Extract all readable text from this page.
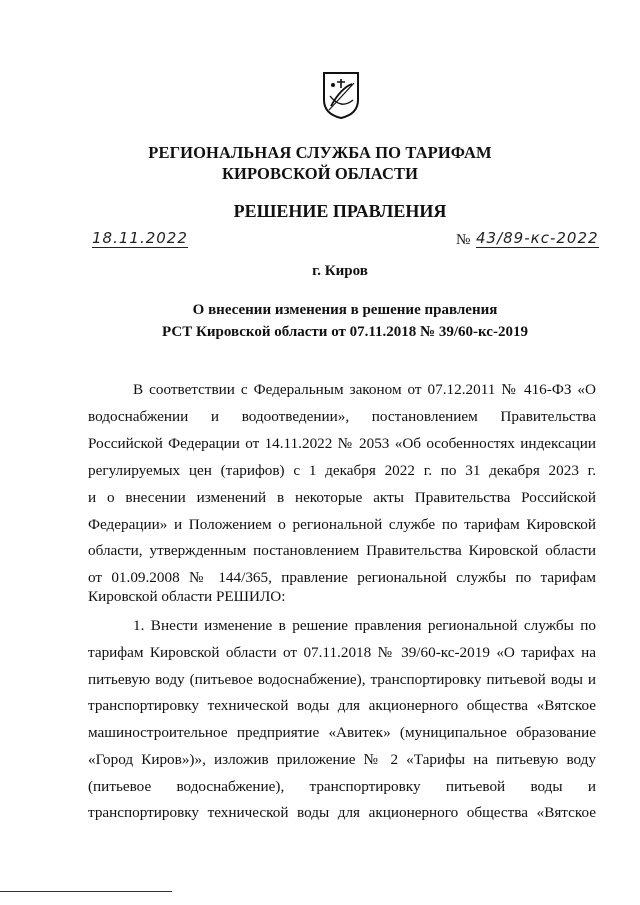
РЕГИОНАЛЬНАЯ СЛУЖБА ПО ТАРИФАМ
КИРОВСКОЙ ОБЛАСТИ
РЕШЕНИЕ ПРАВЛЕНИЯ
18.11.2022	№ 43/89-кс-2022
г. Киров
О внесении изменения в решение правления
РСТ Кировской области от 07.11.2018 № 39/60-кс-2019
В соответствии с Федеральным законом от 07.12.2011 № 416-ФЗ «О
водоснабжении и водоотведении», постановлением Правительства
Российской Федерации от 14.11.2022 № 2053 «Об особенностях индексации
регулируемых цен (тарифов) с 1 декабря 2022 г. по 31 декабря 2023 г.
и о внесении изменений в некоторые акты Правительства Российской
Федерации» и Положением о региональной службе по тарифам Кировской
области, утвержденным постановлением Правительства Кировской области
от 01.09.2008 № 144/365, правление региональной службы по тарифам
Кировской области РЕШИЛО:
1. Внести изменение в решение правления региональной службы по
тарифам Кировской области от 07.11.2018 № 39/60-кс-2019 «О тарифах на
питьевую воду (питьевое водоснабжение), транспортировку питьевой воды и
транспортировку технической воды для акционерного общества «Вятское
машиностроительное предприятие «Авитек» (муниципальное образование
«Город Киров»)», изложив приложение № 2 «Тарифы на питьевую воду
(питьевое водоснабжение), транспортировку питьевой воды и
транспортировку технической воды для акционерного общества «Вятское
